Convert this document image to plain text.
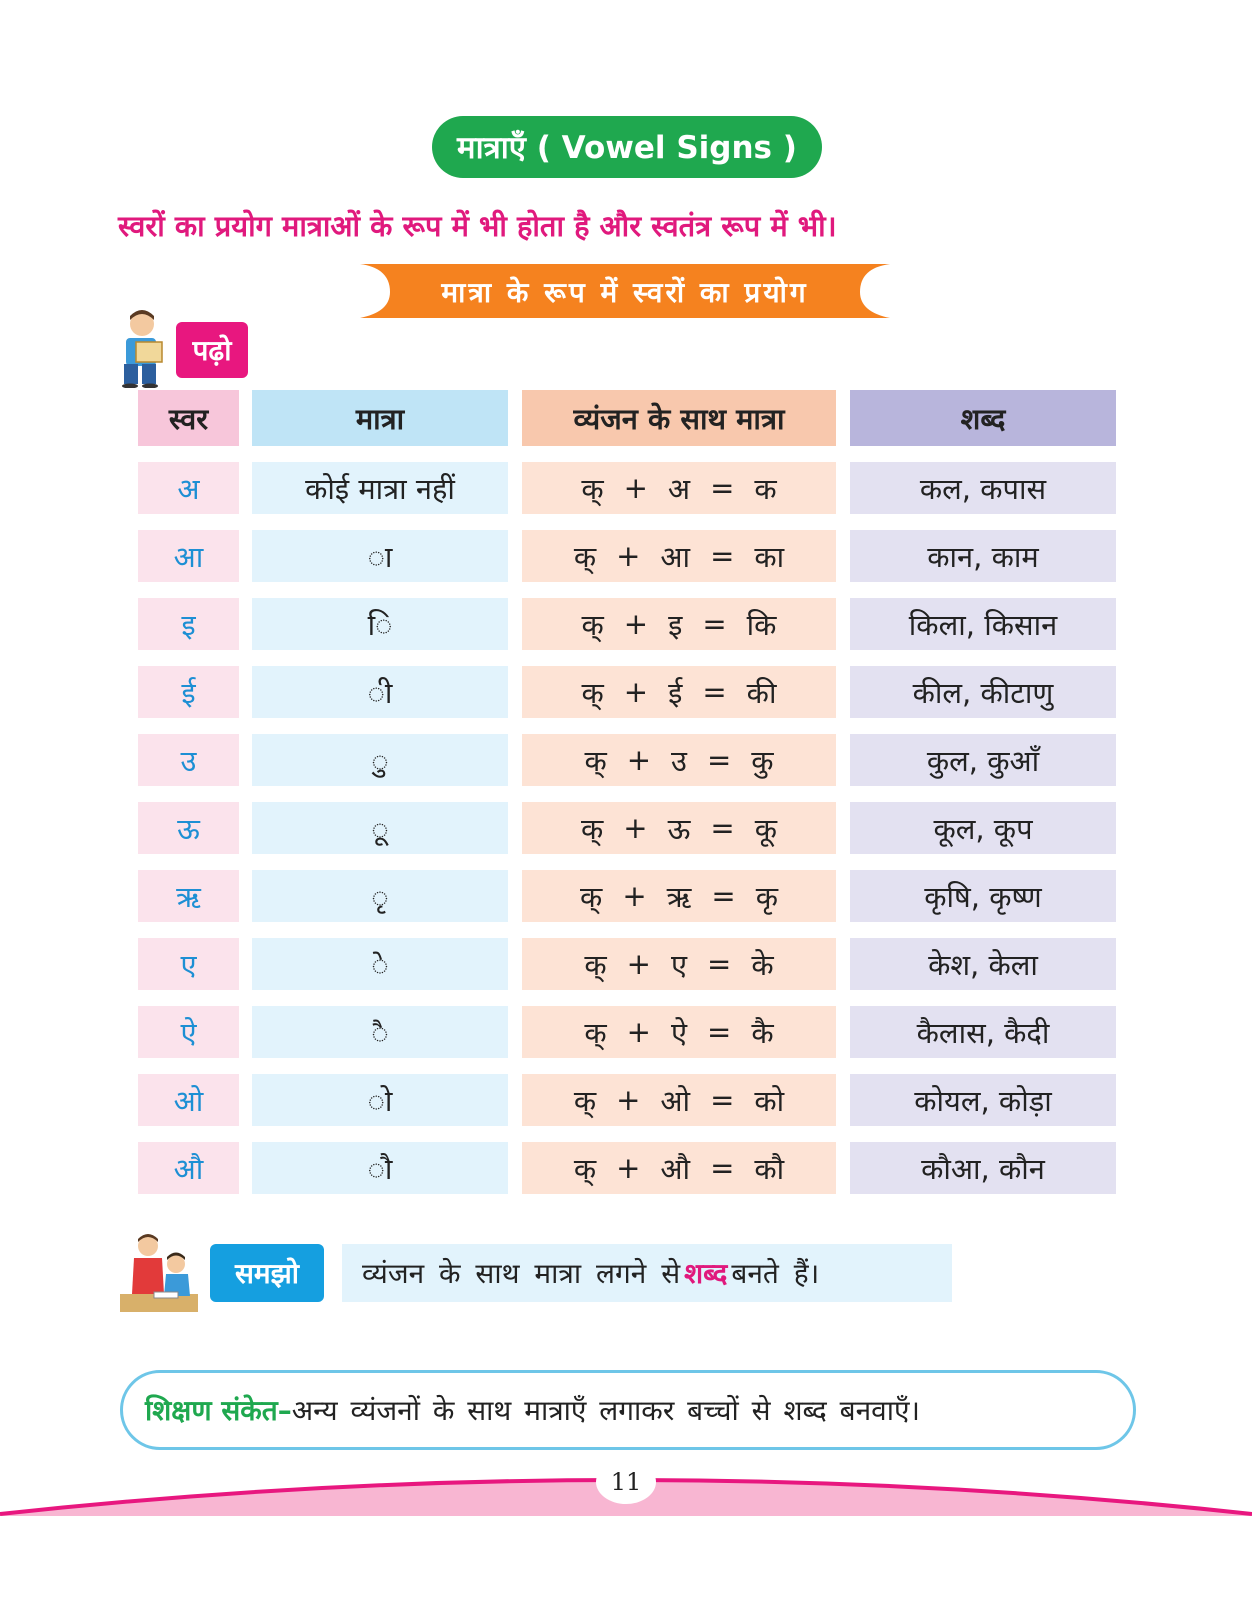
मात्राएँ ( Vowel Signs )
स्वरों का प्रयोग मात्राओं के रूप में भी होता है और स्वतंत्र रूप में भी।
मात्रा के रूप में स्वरों का प्रयोग
पढ़ो
स्वर	मात्रा	व्यंजन के साथ मात्रा	शब्द
अ	कोई मात्रा नहीं	क् + अ = क	कल, कपास
आ	ा	क् + आ = का	कान, काम
इ	ि	क् + इ = कि	किला, किसान
ई	ी	क् + ई = की	कील, कीटाणु
उ	ु	क् + उ = कु	कुल, कुआँ
ऊ	ू	क् + ऊ = कू	कूल, कूप
ऋ	ृ	क् + ऋ = कृ	कृषि, कृष्ण
ए	े	क् + ए = के	केश, केला
ऐ	ै	क् + ऐ = कै	कैलास, कैदी
ओ	ो	क् + ओ = को	कोयल, कोड़ा
औ	ौ	क् + औ = कौ	कौआ, कौन
समझो	व्यंजन के साथ मात्रा लगने से शब्द बनते हैं।
शिक्षण संकेत– अन्य व्यंजनों के साथ मात्राएँ लगाकर बच्चों से शब्द बनवाएँ।
11
